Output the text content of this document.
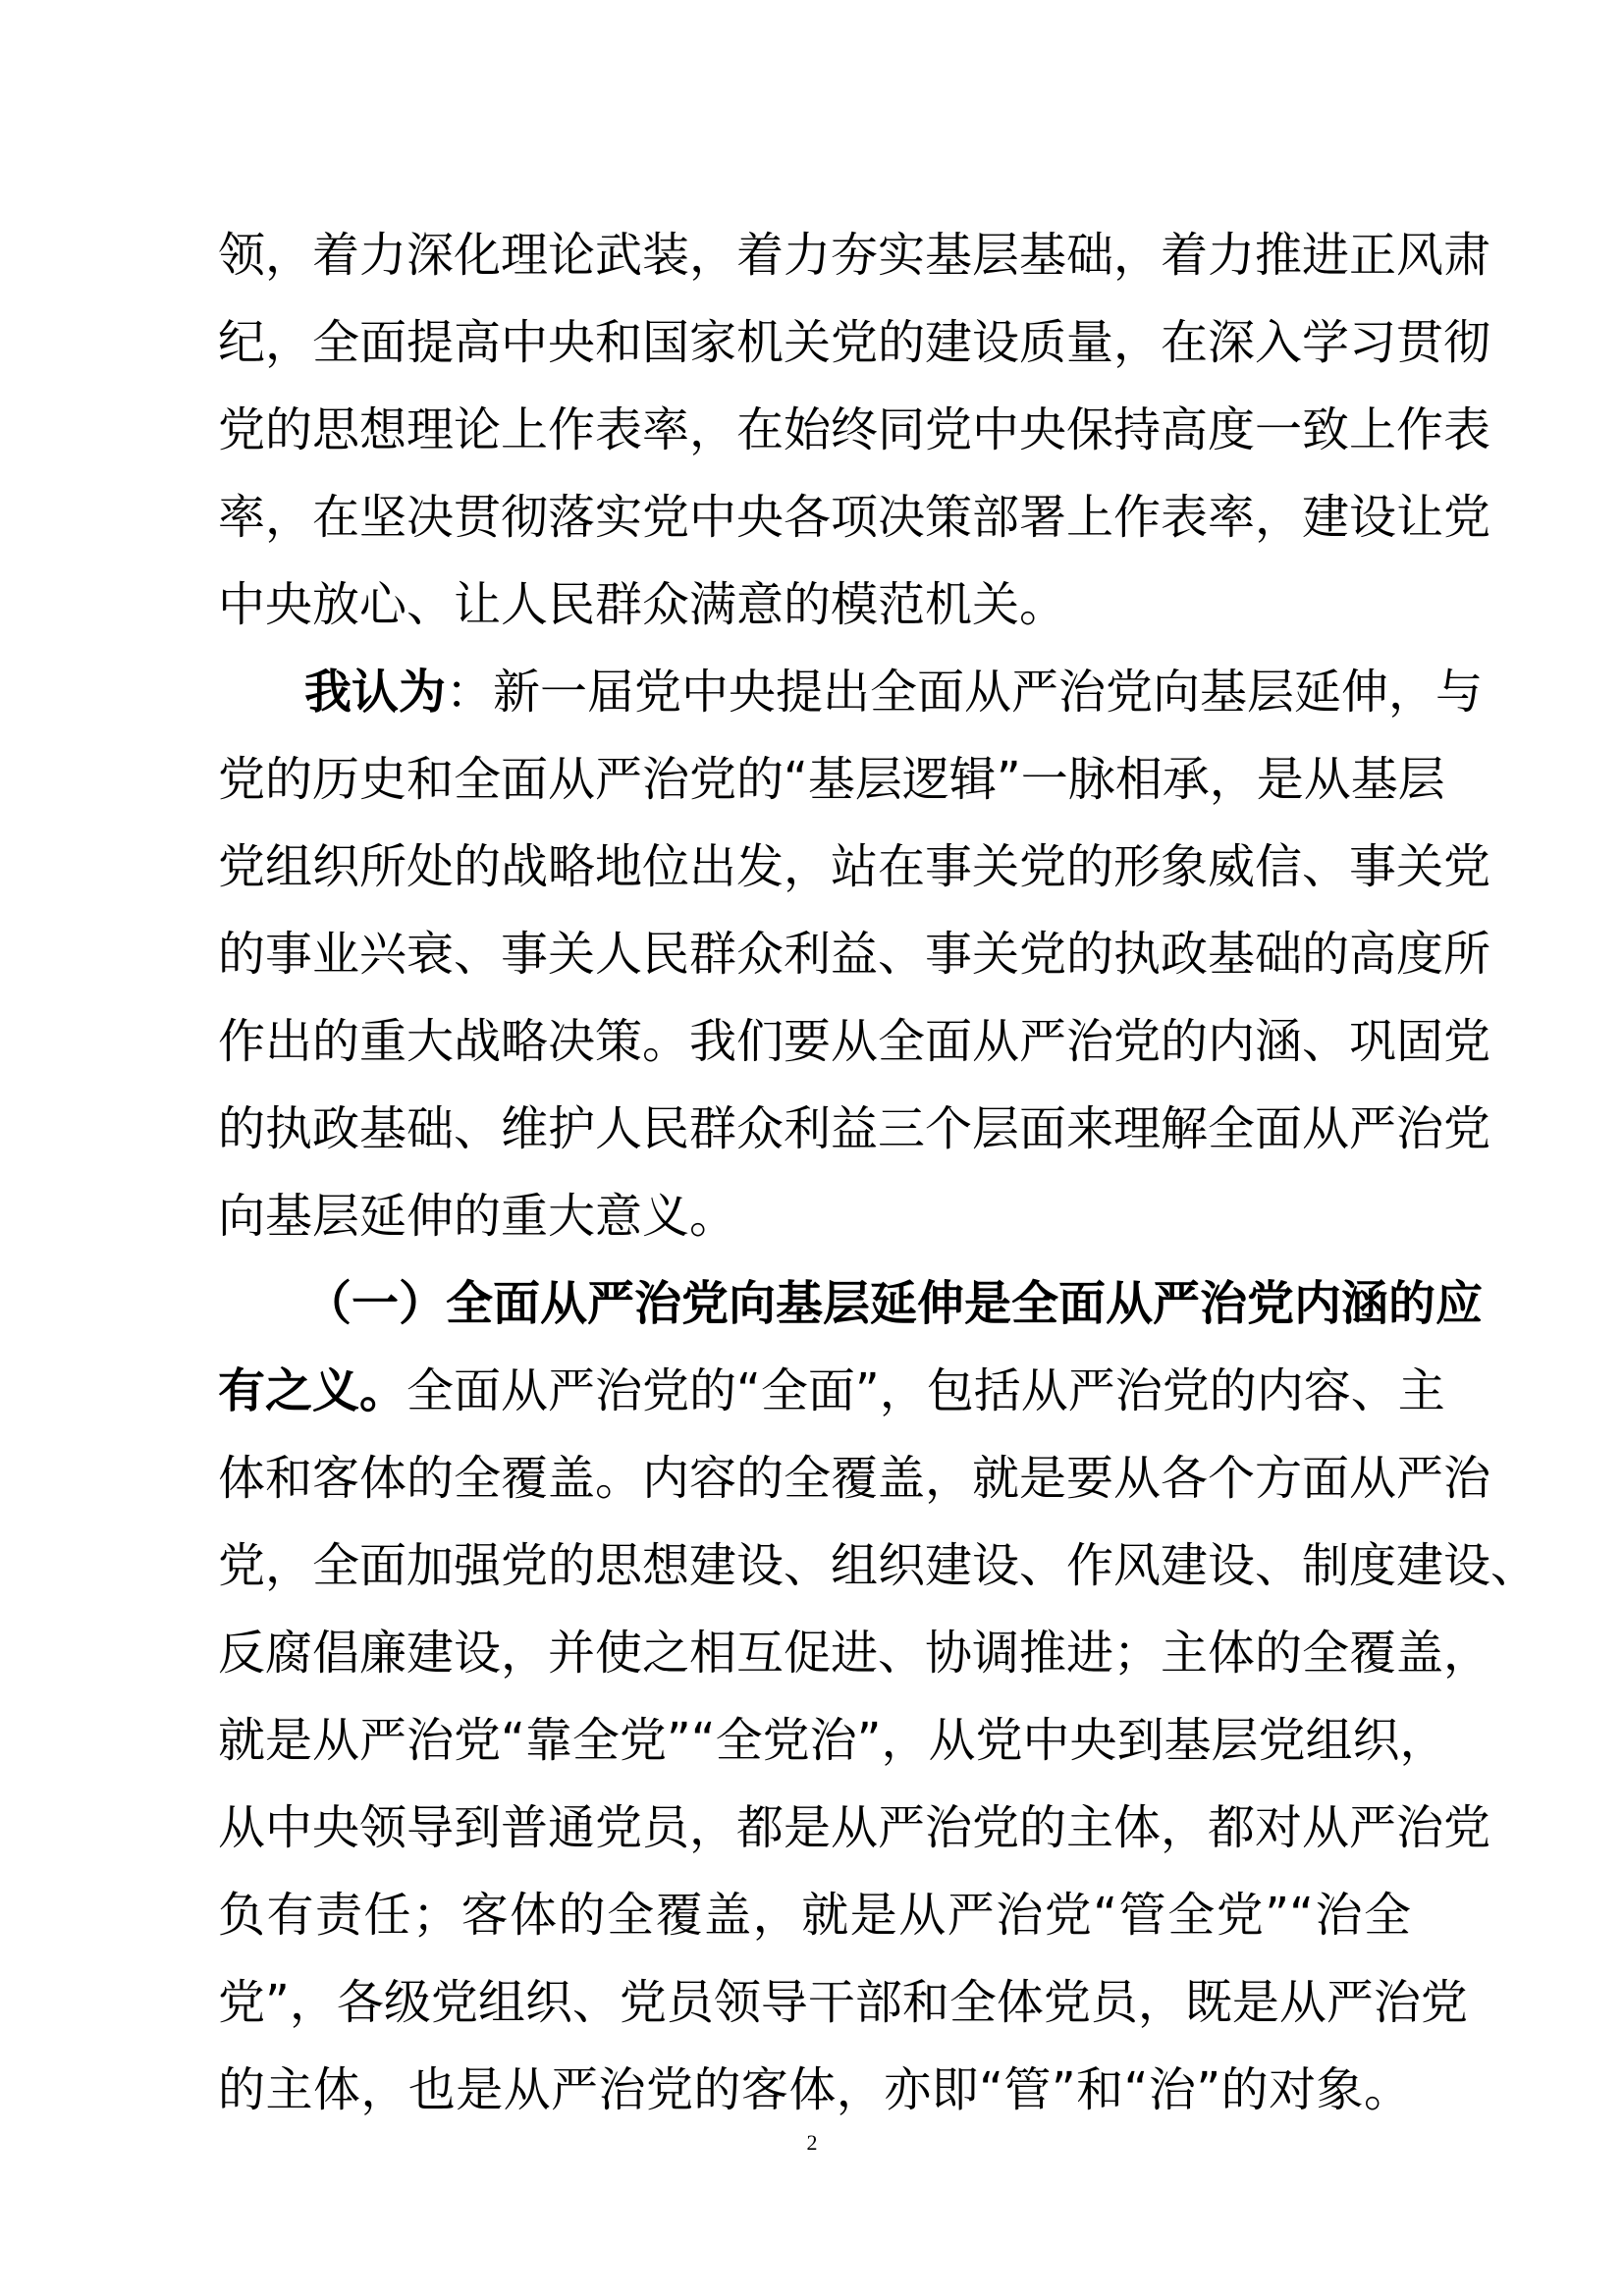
领，着力深化理论武装，着力夯实基层基础，着力推进正风肃

纪，全面提高中央和国家机关党的建设质量，在深入学习贯彻

党的思想理论上作表率，在始终同党中央保持高度一致上作表

率，在坚决贯彻落实党中央各项决策部署上作表率，建设让党

中央放心、让人民群众满意的模范机关。

我认为：新一届党中央提出全面从严治党向基层延伸，与

党的历史和全面从严治党的“基层逻辑”一脉相承，是从基层

党组织所处的战略地位出发，站在事关党的形象威信、事关党

的事业兴衰、事关人民群众利益、事关党的执政基础的高度所

作出的重大战略决策。我们要从全面从严治党的内涵、巩固党

的执政基础、维护人民群众利益三个层面来理解全面从严治党

向基层延伸的重大意义。

（一）全面从严治党向基层延伸是全面从严治党内涵的应

有之义。全面从严治党的“全面”，包括从严治党的内容、主

体和客体的全覆盖。内容的全覆盖，就是要从各个方面从严治

党，全面加强党的思想建设、组织建设、作风建设、制度建设、

反腐倡廉建设，并使之相互促进、协调推进；主体的全覆盖，

就是从严治党“靠全党”“全党治”，从党中央到基层党组织，

从中央领导到普通党员，都是从严治党的主体，都对从严治党

负有责任；客体的全覆盖，就是从严治党“管全党”“治全

党”，各级党组织、党员领导干部和全体党员，既是从严治党

的主体，也是从严治党的客体，亦即“管”和“治”的对象。

2
